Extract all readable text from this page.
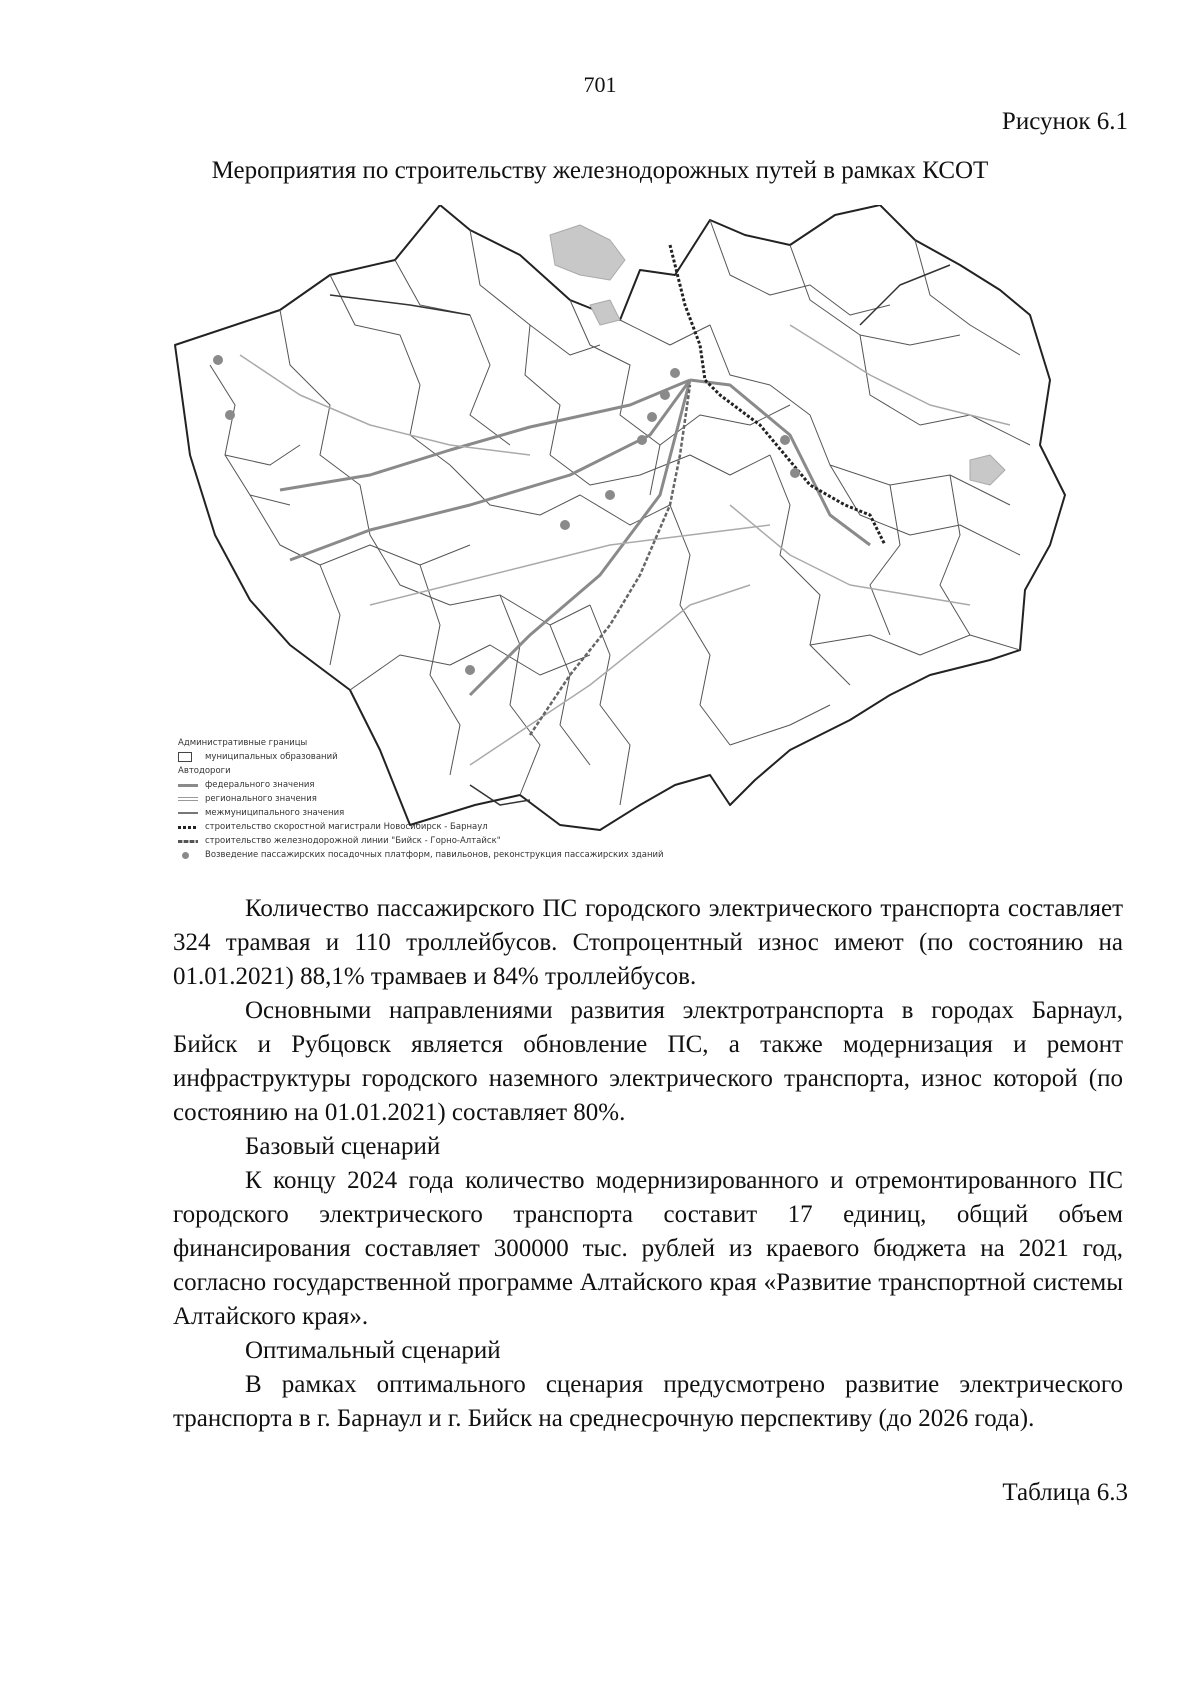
701
Рисунок 6.1
Мероприятия по строительству железнодорожных путей в рамках КСОТ
Административные границы
муниципальных образований
Автодороги
федерального значения
регионального значения
межмуниципального значения
строительство скоростной магистрали Новосибирск - Барнаул
строительство железнодорожной линии "Бийск - Горно-Алтайск"
Возведение пассажирских посадочных платформ, павильонов, реконструкция пассажирских зданий

Количество пассажирского ПС городского электрического транспорта составляет 324 трамвая и 110 троллейбусов. Стопроцентный износ имеют (по состоянию на 01.01.2021) 88,1% трамваев и 84% троллейбусов.

Основными направлениями развития электротранспорта в городах Барнаул, Бийск и Рубцовск является обновление ПС, а также модернизация и ремонт инфраструктуры городского наземного электрического транспорта, износ которой (по состоянию на 01.01.2021) составляет 80%.

Базовый сценарий

К концу 2024 года количество модернизированного и отремонтированного ПС городского электрического транспорта составит 17 единиц, общий объем финансирования составляет 300000 тыс. рублей из краевого бюджета на 2021 год, согласно государственной программе Алтайского края «Развитие транспортной системы Алтайского края».

Оптимальный сценарий

В рамках оптимального сценария предусмотрено развитие электрического транспорта в г. Барнаул и г. Бийск на среднесрочную перспективу (до 2026 года).

Таблица 6.3
